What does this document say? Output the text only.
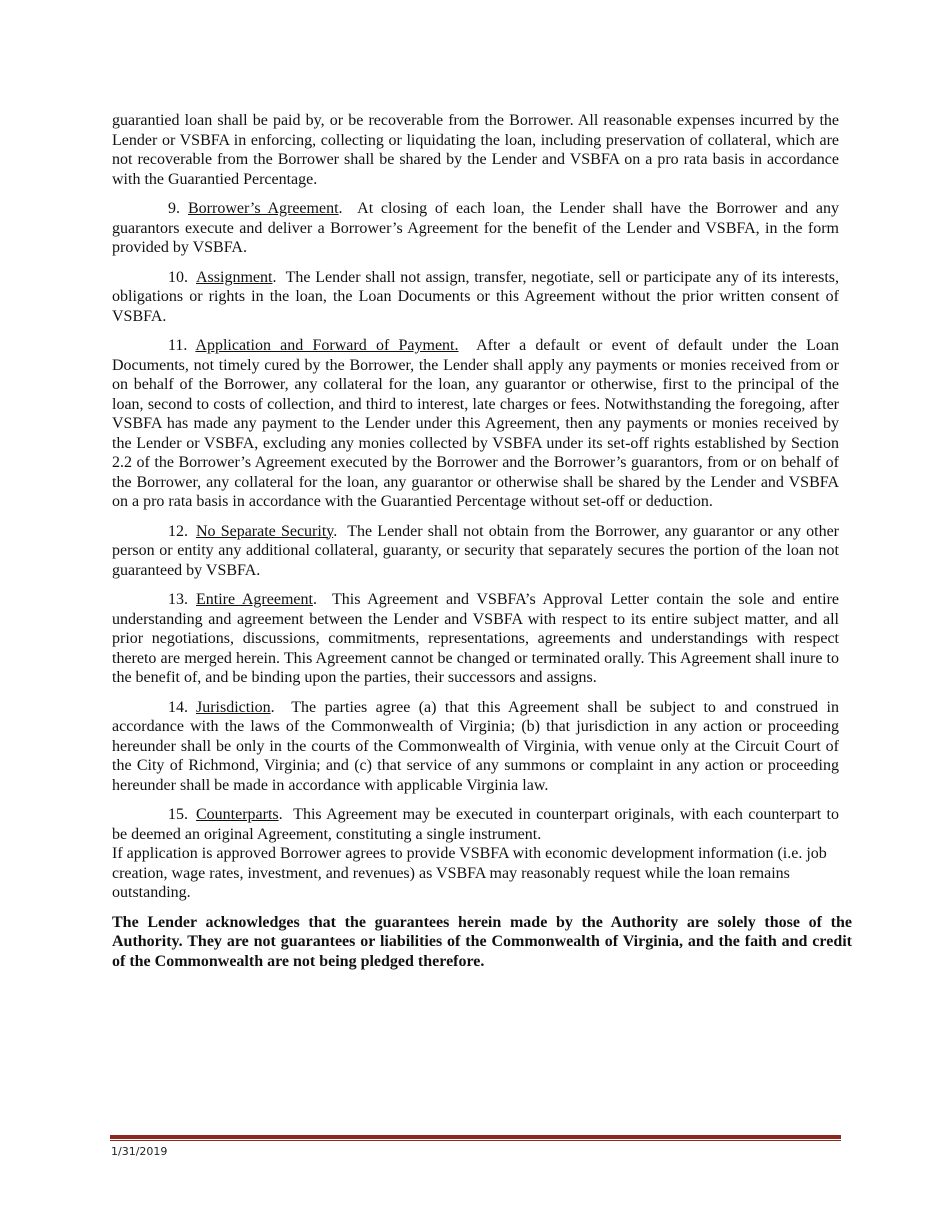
guarantied loan shall be paid by, or be recoverable from the Borrower. All reasonable expenses incurred by the Lender or VSBFA in enforcing, collecting or liquidating the loan, including preservation of collateral, which are not recoverable from the Borrower shall be shared by the Lender and VSBFA on a pro rata basis in accordance with the Guarantied Percentage.

9. Borrower’s Agreement. At closing of each loan, the Lender shall have the Borrower and any guarantors execute and deliver a Borrower’s Agreement for the benefit of the Lender and VSBFA, in the form provided by VSBFA.

10. Assignment. The Lender shall not assign, transfer, negotiate, sell or participate any of its interests, obligations or rights in the loan, the Loan Documents or this Agreement without the prior written consent of VSBFA.

11. Application and Forward of Payment. After a default or event of default under the Loan Documents, not timely cured by the Borrower, the Lender shall apply any payments or monies received from or on behalf of the Borrower, any collateral for the loan, any guarantor or otherwise, first to the principal of the loan, second to costs of collection, and third to interest, late charges or fees. Notwithstanding the foregoing, after VSBFA has made any payment to the Lender under this Agreement, then any payments or monies received by the Lender or VSBFA, excluding any monies collected by VSBFA under its set-off rights established by Section 2.2 of the Borrower’s Agreement executed by the Borrower and the Borrower’s guarantors, from or on behalf of the Borrower, any collateral for the loan, any guarantor or otherwise shall be shared by the Lender and VSBFA on a pro rata basis in accordance with the Guarantied Percentage without set-off or deduction.

12. No Separate Security. The Lender shall not obtain from the Borrower, any guarantor or any other person or entity any additional collateral, guaranty, or security that separately secures the portion of the loan not guaranteed by VSBFA.

13. Entire Agreement. This Agreement and VSBFA’s Approval Letter contain the sole and entire understanding and agreement between the Lender and VSBFA with respect to its entire subject matter, and all prior negotiations, discussions, commitments, representations, agreements and understandings with respect thereto are merged herein. This Agreement cannot be changed or terminated orally. This Agreement shall inure to the benefit of, and be binding upon the parties, their successors and assigns.

14. Jurisdiction. The parties agree (a) that this Agreement shall be subject to and construed in accordance with the laws of the Commonwealth of Virginia; (b) that jurisdiction in any action or proceeding hereunder shall be only in the courts of the Commonwealth of Virginia, with venue only at the Circuit Court of the City of Richmond, Virginia; and (c) that service of any summons or complaint in any action or proceeding hereunder shall be made in accordance with applicable Virginia law.

15. Counterparts. This Agreement may be executed in counterpart originals, with each counterpart to be deemed an original Agreement, constituting a single instrument.

If application is approved Borrower agrees to provide VSBFA with economic development information (i.e. job creation, wage rates, investment, and revenues) as VSBFA may reasonably request while the loan remains outstanding.

The Lender acknowledges that the guarantees herein made by the Authority are solely those of the Authority. They are not guarantees or liabilities of the Commonwealth of Virginia, and the faith and credit of the Commonwealth are not being pledged therefore.

1/31/2019
